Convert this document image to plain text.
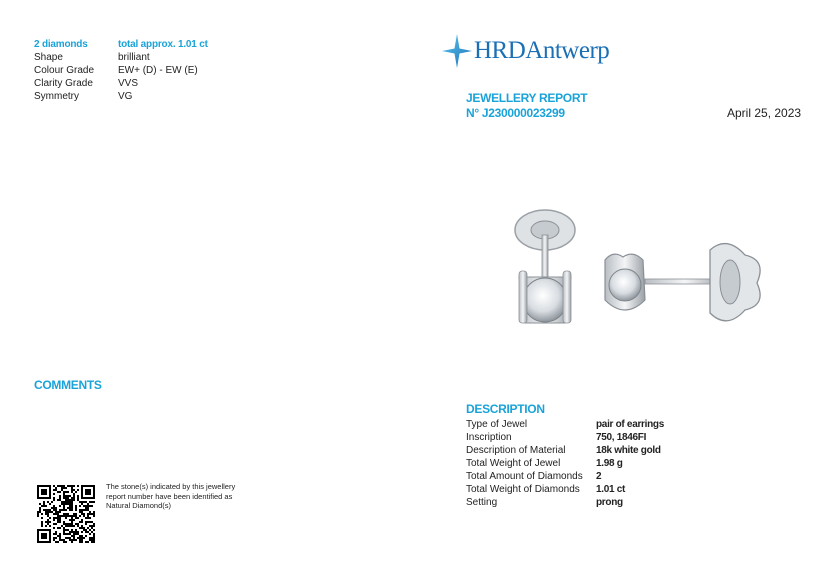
2 diamonds	total approx. 1.01 ct
Shape	brilliant
Colour Grade	EW+ (D) - EW (E)
Clarity Grade	VVS
Symmetry	VG
HRDAntwerp
JEWELLERY REPORT
N° J230000023299	April 25, 2023
COMMENTS
DESCRIPTION
Type of Jewel	pair of earrings
Inscription	750, 1846FI
Description of Material	18k white gold
Total Weight of Jewel	1.98 g
Total Amount of Diamonds	2
Total Weight of Diamonds	1.01 ct
Setting	prong
The stone(s) indicated by this jewellery report number have been identified as Natural Diamond(s)
